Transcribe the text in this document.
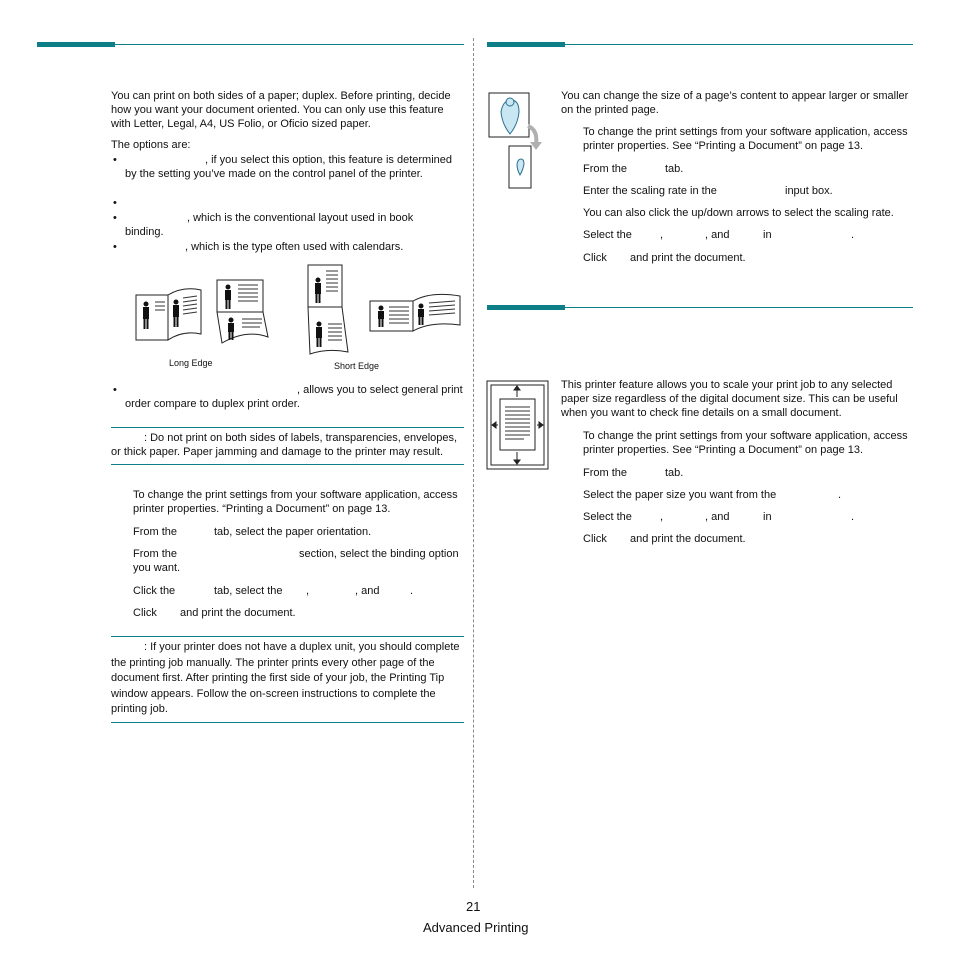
You can print on both sides of a paper; duplex. Before printing, decide how you want your document oriented. You can only use this feature with Letter, Legal, A4, US Folio, or Oficio sized paper.
The options are:
•	, if you select this option, this feature is determined by the setting you’ve made on the control panel of the printer.
•
•	, which is the conventional layout used in book binding.
•	, which is the type often used with calendars.
Long Edge	Short Edge
•	, allows you to select general print order compare to duplex print order.
: Do not print on both sides of labels, transparencies, envelopes, or thick paper. Paper jamming and damage to the printer may result.
To change the print settings from your software application, access printer properties. “Printing a Document” on page 13.
From the	tab, select the paper orientation.
From the	section, select the binding option you want.
Click the	tab, select the ,	, and	.
Click and print the document.
: If your printer does not have a duplex unit, you should complete the printing job manually. The printer prints every other page of the document first. After printing the first side of your job, the Printing Tip window appears. Follow the on-screen instructions to complete the printing job.
You can change the size of a page’s content to appear larger or smaller on the printed page.
To change the print settings from your software application, access printer properties. See “Printing a Document” on page 13.
From the	tab.
Enter the scaling rate in the	input box.
You can also click the up/down arrows to select the scaling rate.
Select the	,	, and	in	.
Click and print the document.
This printer feature allows you to scale your print job to any selected paper size regardless of the digital document size. This can be useful when you want to check fine details on a small document.
To change the print settings from your software application, access printer properties. See “Printing a Document” on page 13.
From the	tab.
Select the paper size you want from the	.
Select the	,	, and	in	.
Click and print the document.
21
Advanced Printing
